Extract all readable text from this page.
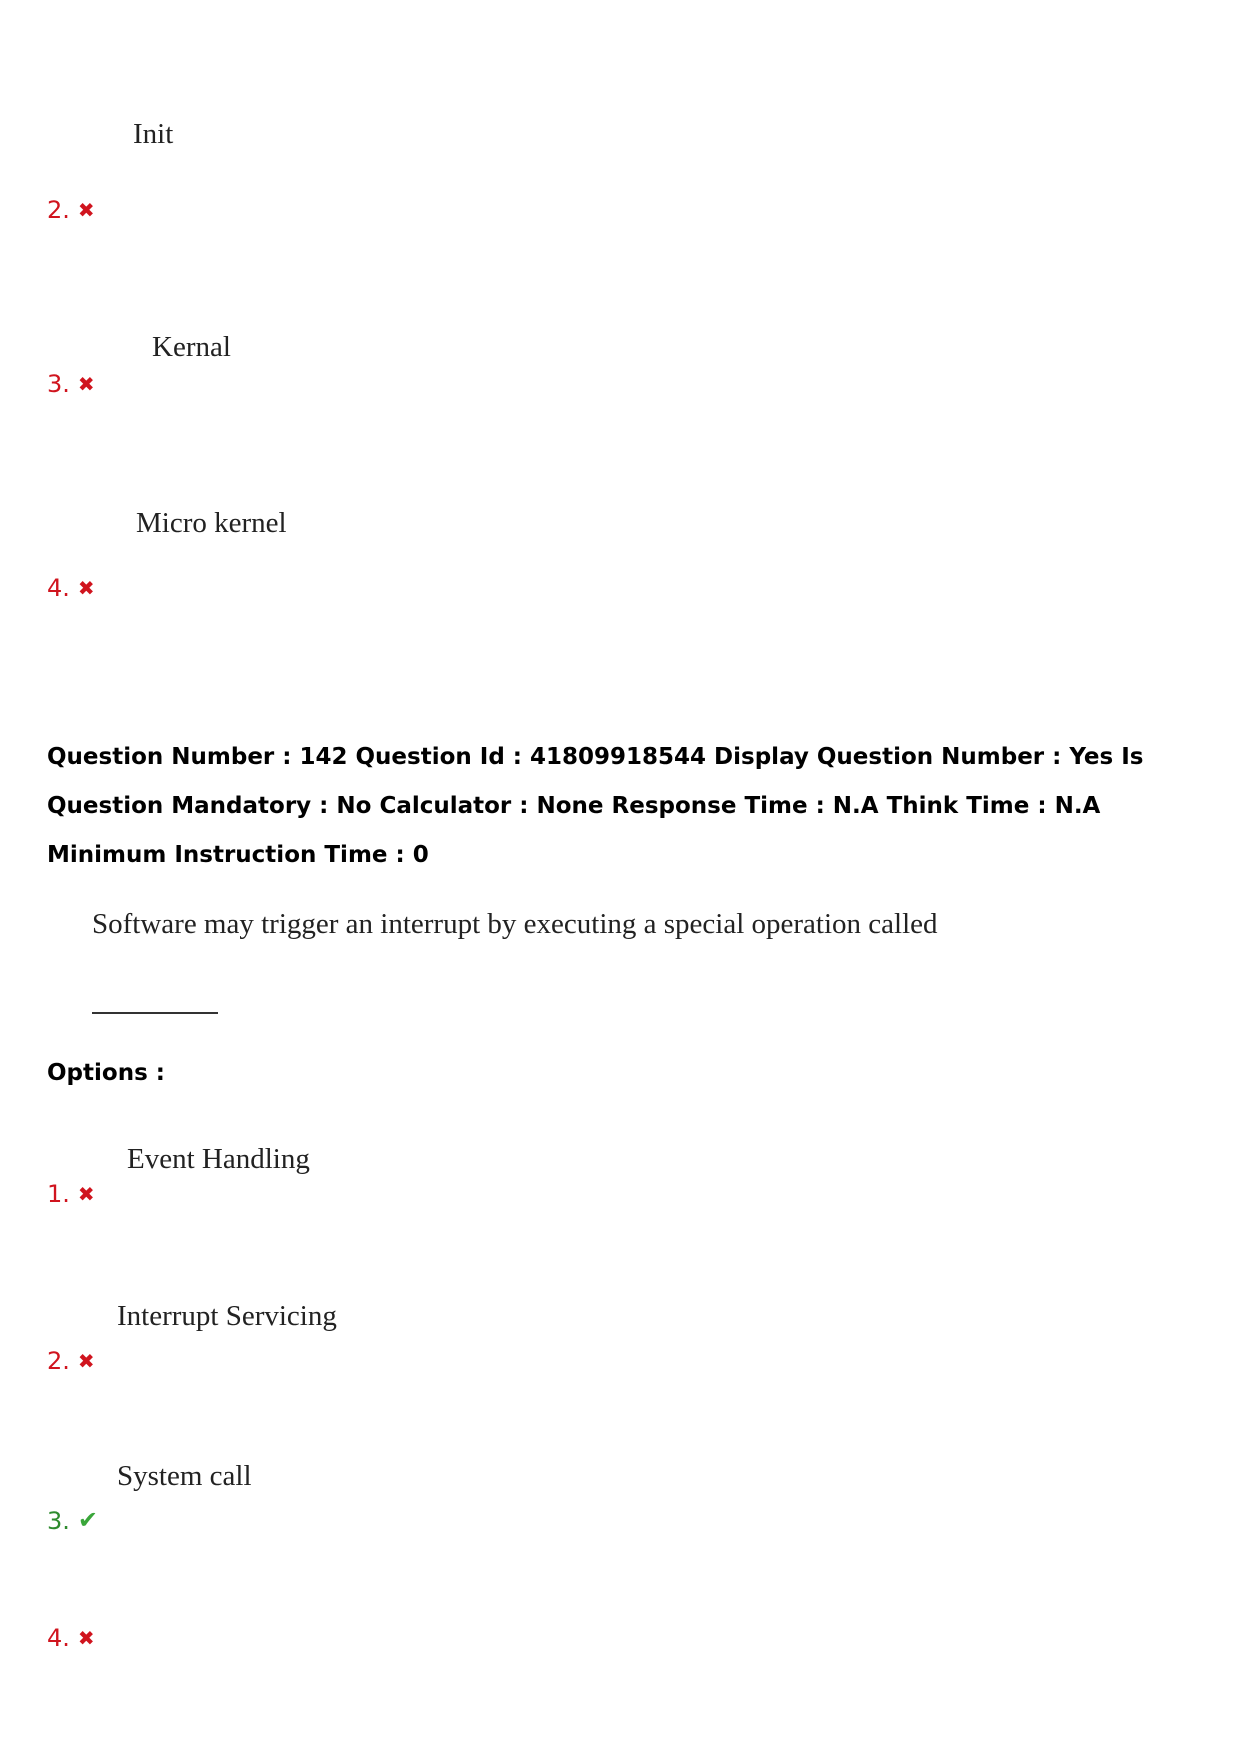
Init
2. ✖
Kernal
3. ✖
Micro kernel
4. ✖
Question Number : 142 Question Id : 41809918544 Display Question Number : Yes Is Question Mandatory : No Calculator : None Response Time : N.A Think Time : N.A Minimum Instruction Time : 0
Software may trigger an interrupt by executing a special operation called
Options :
Event Handling
1. ✖
Interrupt Servicing
2. ✖
System call
3. ✔
4. ✖
